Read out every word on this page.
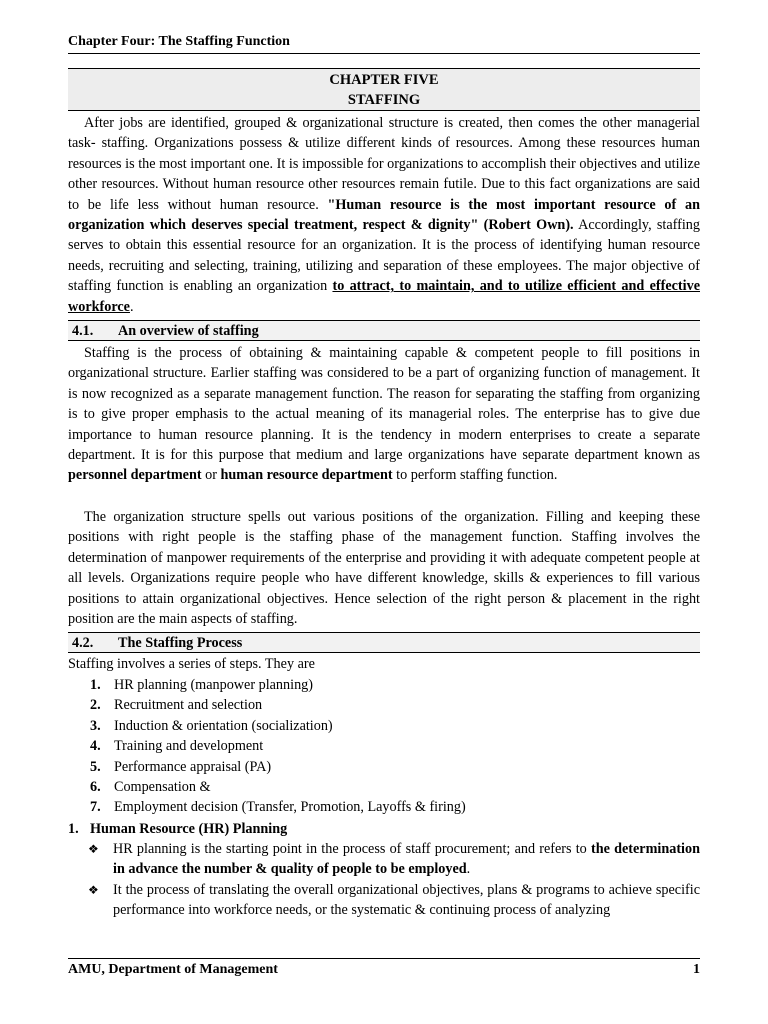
Chapter Four: The Staffing Function
CHAPTER FIVE
STAFFING
After jobs are identified, grouped & organizational structure is created, then comes the other managerial task- staffing. Organizations possess & utilize different kinds of resources. Among these resources human resources is the most important one. It is impossible for organizations to accomplish their objectives and utilize other resources. Without human resource other resources remain futile. Due to this fact organizations are said to be life less without human resource. "Human resource is the most important resource of an organization which deserves special treatment, respect & dignity" (Robert Own). Accordingly, staffing serves to obtain this essential resource for an organization. It is the process of identifying human resource needs, recruiting and selecting, training, utilizing and separation of these employees. The major objective of staffing function is enabling an organization to attract, to maintain, and to utilize efficient and effective workforce.
4.1. An overview of staffing
Staffing is the process of obtaining & maintaining capable & competent people to fill positions in organizational structure. Earlier staffing was considered to be a part of organizing function of management. It is now recognized as a separate management function. The reason for separating the staffing from organizing is to give proper emphasis to the actual meaning of its managerial roles. The enterprise has to give due importance to human resource planning. It is the tendency in modern enterprises to create a separate department. It is for this purpose that medium and large organizations have separate department known as personnel department or human resource department to perform staffing function.
The organization structure spells out various positions of the organization. Filling and keeping these positions with right people is the staffing phase of the management function. Staffing involves the determination of manpower requirements of the enterprise and providing it with adequate competent people at all levels. Organizations require people who have different knowledge, skills & experiences to fill various positions to attain organizational objectives. Hence selection of the right person & placement in the right position are the main aspects of staffing.
4.2. The Staffing Process
Staffing involves a series of steps. They are
1. HR planning (manpower planning)
2. Recruitment and selection
3. Induction & orientation (socialization)
4. Training and development
5. Performance appraisal (PA)
6. Compensation &
7. Employment decision (Transfer, Promotion, Layoffs & firing)
1. Human Resource (HR) Planning
❖ HR planning is the starting point in the process of staff procurement; and refers to the determination in advance the number & quality of people to be employed.
❖ It the process of translating the overall organizational objectives, plans & programs to achieve specific performance into workforce needs, or the systematic & continuing process of analyzing
AMU, Department of Management	1
